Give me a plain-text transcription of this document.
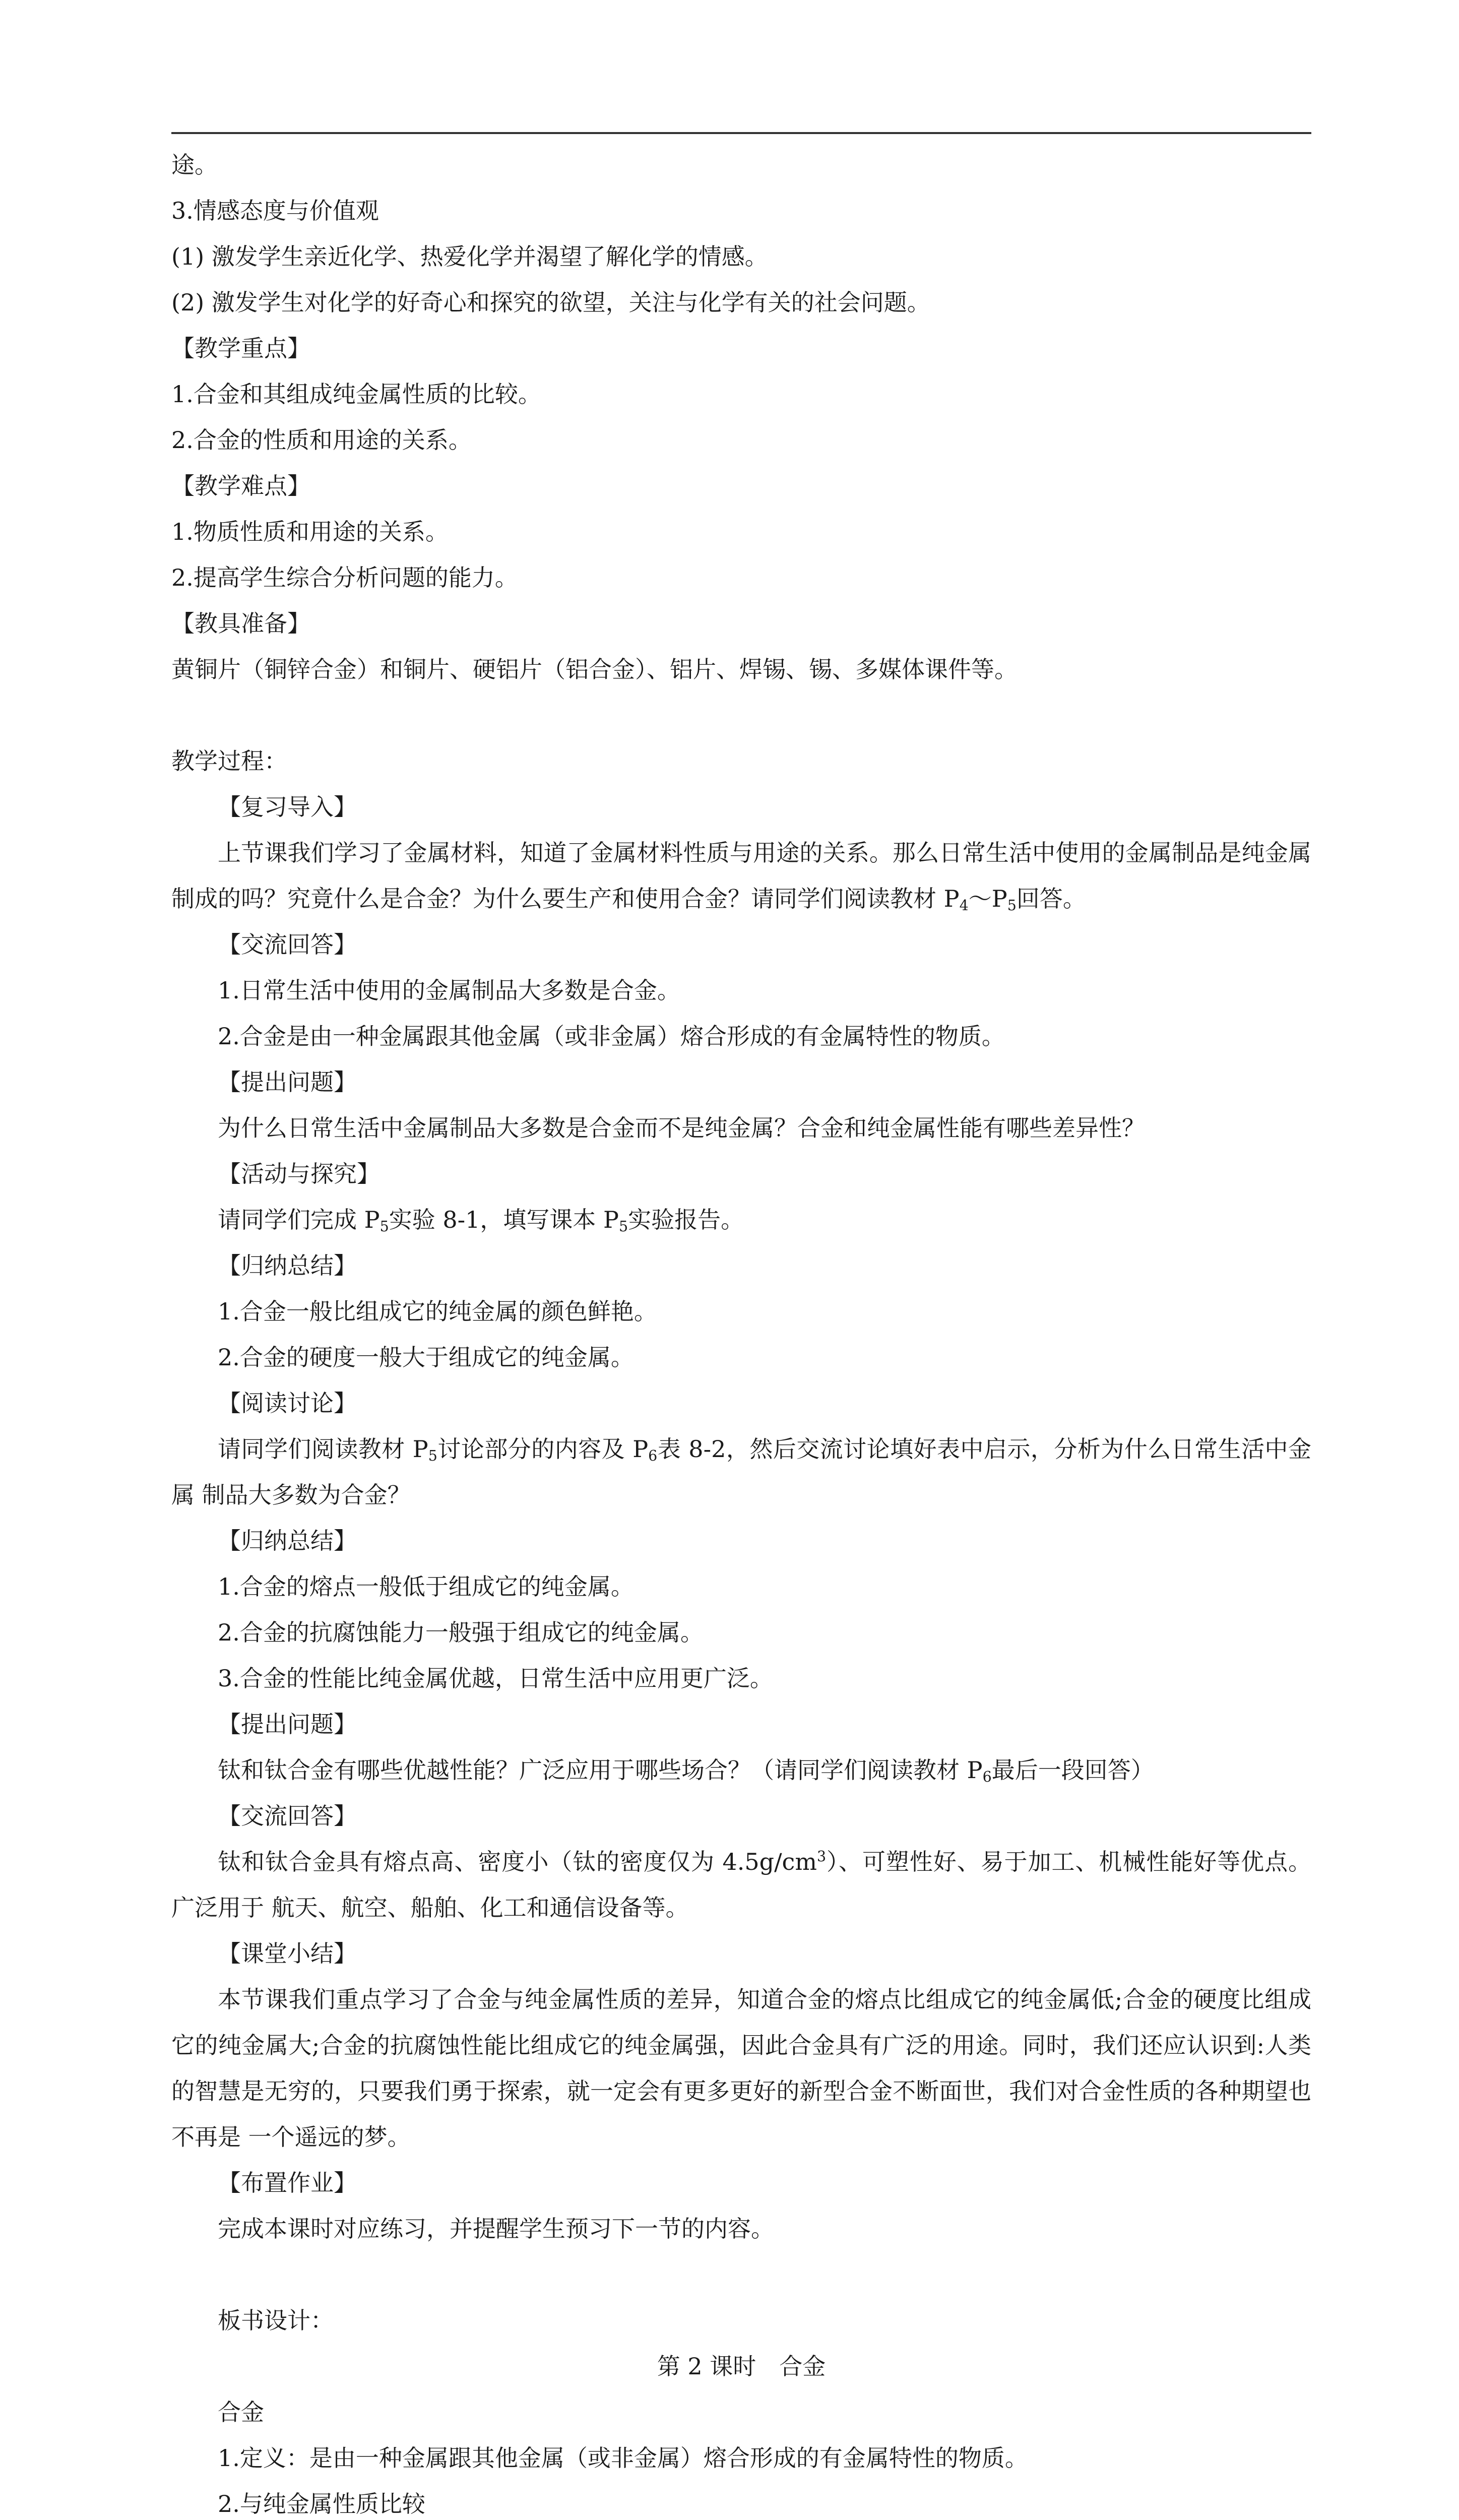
途。
3.情感态度与价值观
(1) 激发学生亲近化学、热爱化学并渴望了解化学的情感。
(2) 激发学生对化学的好奇心和探究的欲望，关注与化学有关的社会问题。
【教学重点】
1.合金和其组成纯金属性质的比较。
2.合金的性质和用途的关系。
【教学难点】
1.物质性质和用途的关系。
2.提高学生综合分析问题的能力。
【教具准备】
黄铜片（铜锌合金）和铜片、硬铝片（铝合金）、铝片、焊锡、锡、多媒体课件等。
教学过程：
【复习导入】
上节课我们学习了金属材料，知道了金属材料性质与用途的关系。那么日常生活中使用的金属制品是纯金属 制成的吗？究竟什么是合金？为什么要生产和使用合金？请同学们阅读教材 $P_4\sim P_5$回答。
【交流回答】
1.日常生活中使用的金属制品大多数是合金。
2.合金是由一种金属跟其他金属（或非金属）熔合形成的有金属特性的物质。
【提出问题】
为什么日常生活中金属制品大多数是合金而不是纯金属？合金和纯金属性能有哪些差异性？
【活动与探究】
请同学们完成 $P_5$实验 8-1，填写课本 $P_5$实验报告。
【归纳总结】
1.合金一般比组成它的纯金属的颜色鲜艳。
2.合金的硬度一般大于组成它的纯金属。
【阅读讨论】
请同学们阅读教材 $P_5$讨论部分的内容及 $P_6$表 8-2，然后交流讨论填好表中启示，分析为什么日常生活中金属 制品大多数为合金？
【归纳总结】
1.合金的熔点一般低于组成它的纯金属。
2.合金的抗腐蚀能力一般强于组成它的纯金属。
3.合金的性能比纯金属优越，日常生活中应用更广泛。
【提出问题】
钛和钛合金有哪些优越性能？广泛应用于哪些场合？（请同学们阅读教材 $P_6$最后一段回答）
【交流回答】
钛和钛合金具有熔点高、密度小（钛的密度仅为 $4.5g/cm^3$）、可塑性好、易于加工、机械性能好等优点。广泛用于 航天、航空、船舶、化工和通信设备等。
【课堂小结】
本节课我们重点学习了合金与纯金属性质的差异，知道合金的熔点比组成它的纯金属低;合金的硬度比组成它的纯金属大;合金的抗腐蚀性能比组成它的纯金属强，因此合金具有广泛的用途。同时，我们还应认识到:人类的智慧是无穷的，只要我们勇于探索，就一定会有更多更好的新型合金不断面世，我们对合金性质的各种期望也不再是 一个遥远的梦。
【布置作业】
完成本课时对应练习，并提醒学生预习下一节的内容。
板书设计：
第 2 课时　合金
合金
1.定义：是由一种金属跟其他金属（或非金属）熔合形成的有金属特性的物质。
2.与纯金属性质比较
